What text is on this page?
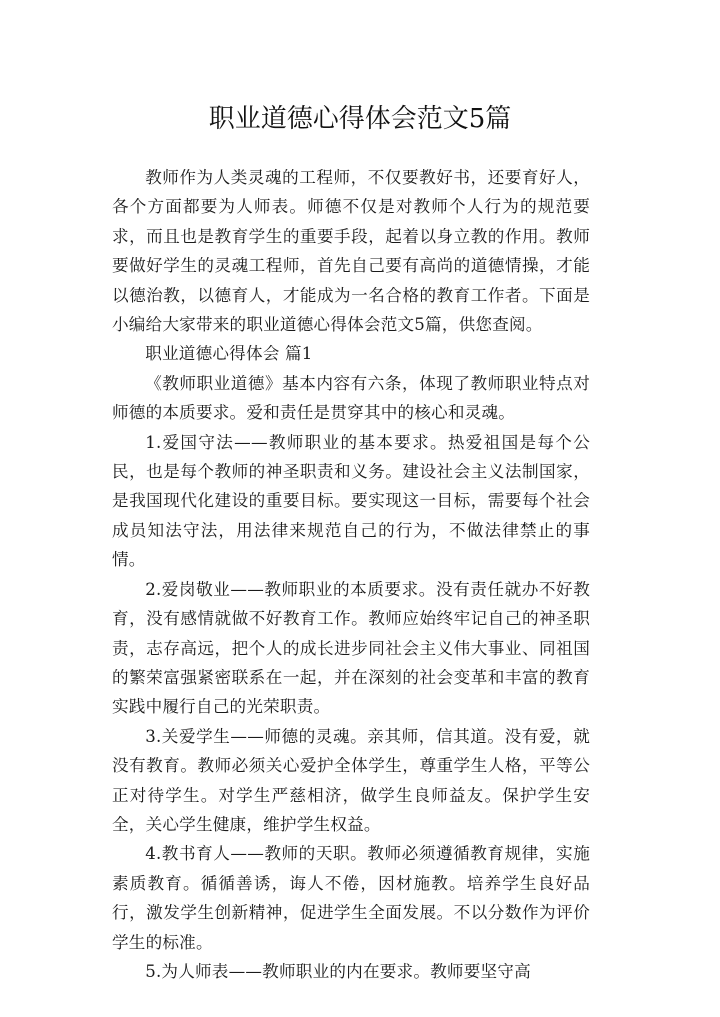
职业道德心得体会范文5篇

教师作为人类灵魂的工程师，不仅要教好书，还要育好人，各个方面都要为人师表。师德不仅是对教师个人行为的规范要求，而且也是教育学生的重要手段，起着以身立教的作用。教师要做好学生的灵魂工程师，首先自己要有高尚的道德情操，才能以德治教，以德育人，才能成为一名合格的教育工作者。下面是小编给大家带来的职业道德心得体会范文5篇，供您查阅。

职业道德心得体会 篇1

《教师职业道德》基本内容有六条，体现了教师职业特点对师德的本质要求。爱和责任是贯穿其中的核心和灵魂。

1.爱国守法——教师职业的基本要求。热爱祖国是每个公民，也是每个教师的神圣职责和义务。建设社会主义法制国家，是我国现代化建设的重要目标。要实现这一目标，需要每个社会成员知法守法，用法律来规范自己的行为，不做法律禁止的事情。

2.爱岗敬业——教师职业的本质要求。没有责任就办不好教育，没有感情就做不好教育工作。教师应始终牢记自己的神圣职责，志存高远，把个人的成长进步同社会主义伟大事业、同祖国的繁荣富强紧密联系在一起，并在深刻的社会变革和丰富的教育实践中履行自己的光荣职责。

3.关爱学生——师德的灵魂。亲其师，信其道。没有爱，就没有教育。教师必须关心爱护全体学生，尊重学生人格，平等公正对待学生。对学生严慈相济，做学生良师益友。保护学生安全，关心学生健康，维护学生权益。

4.教书育人——教师的天职。教师必须遵循教育规律，实施素质教育。循循善诱，诲人不倦，因材施教。培养学生良好品行，激发学生创新精神，促进学生全面发展。不以分数作为评价学生的标准。

5.为人师表——教师职业的内在要求。教师要坚守高
